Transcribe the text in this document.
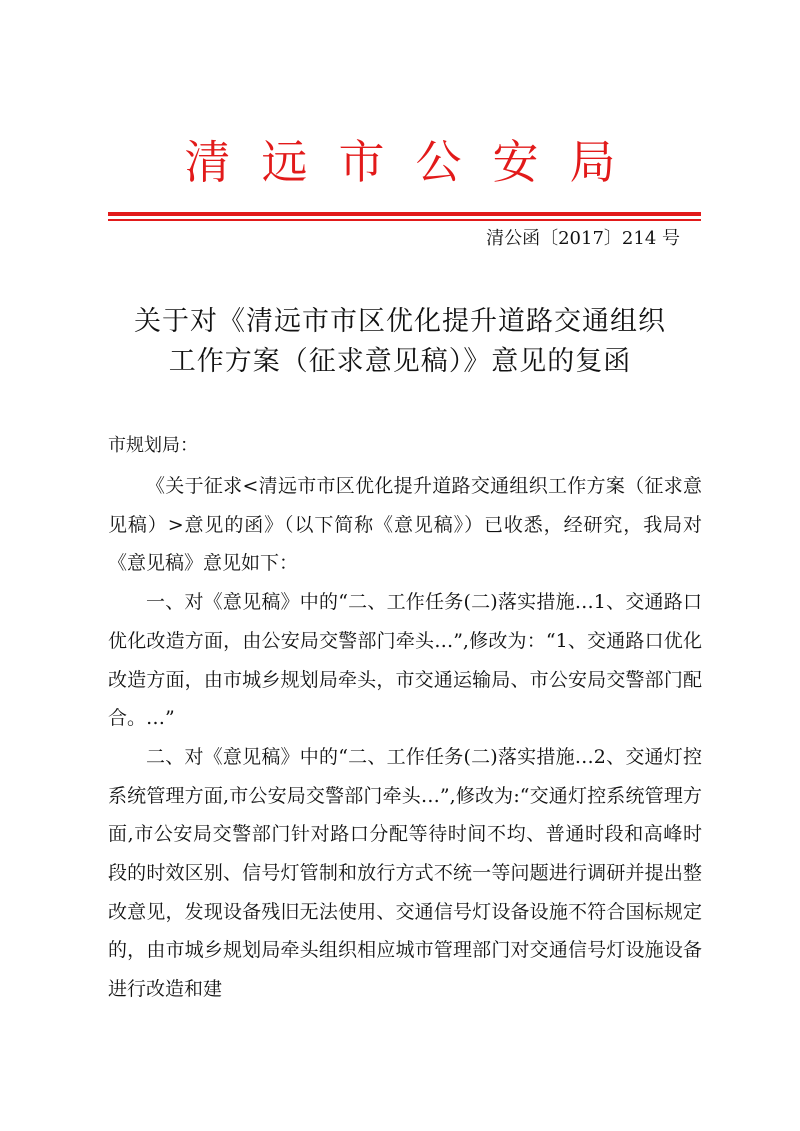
清远市公安局
清公函〔2017〕214 号
关于对《清远市市区优化提升道路交通组织
工作方案（征求意见稿）》意见的复函
市规划局：

《关于征求<清远市市区优化提升道路交通组织工作方案（征求意见稿）>意见的函》（以下简称《意见稿》）已收悉，经研究，我局对《意见稿》意见如下：

一、对《意见稿》中的“二、工作任务(二)落实措施…1、交通路口优化改造方面，由公安局交警部门牵头…”,修改为：“1、交通路口优化改造方面，由市城乡规划局牵头，市交通运输局、市公安局交警部门配合。…”

二、对《意见稿》中的“二、工作任务(二)落实措施…2、交通灯控系统管理方面,市公安局交警部门牵头…”,修改为:“交通灯控系统管理方面,市公安局交警部门针对路口分配等待时间不均、普通时段和高峰时段的时效区别、信号灯管制和放行方式不统一等问题进行调研并提出整改意见，发现设备残旧无法使用、交通信号灯设备设施不符合国标规定的，由市城乡规划局牵头组织相应城市管理部门对交通信号灯设施设备进行改造和建
